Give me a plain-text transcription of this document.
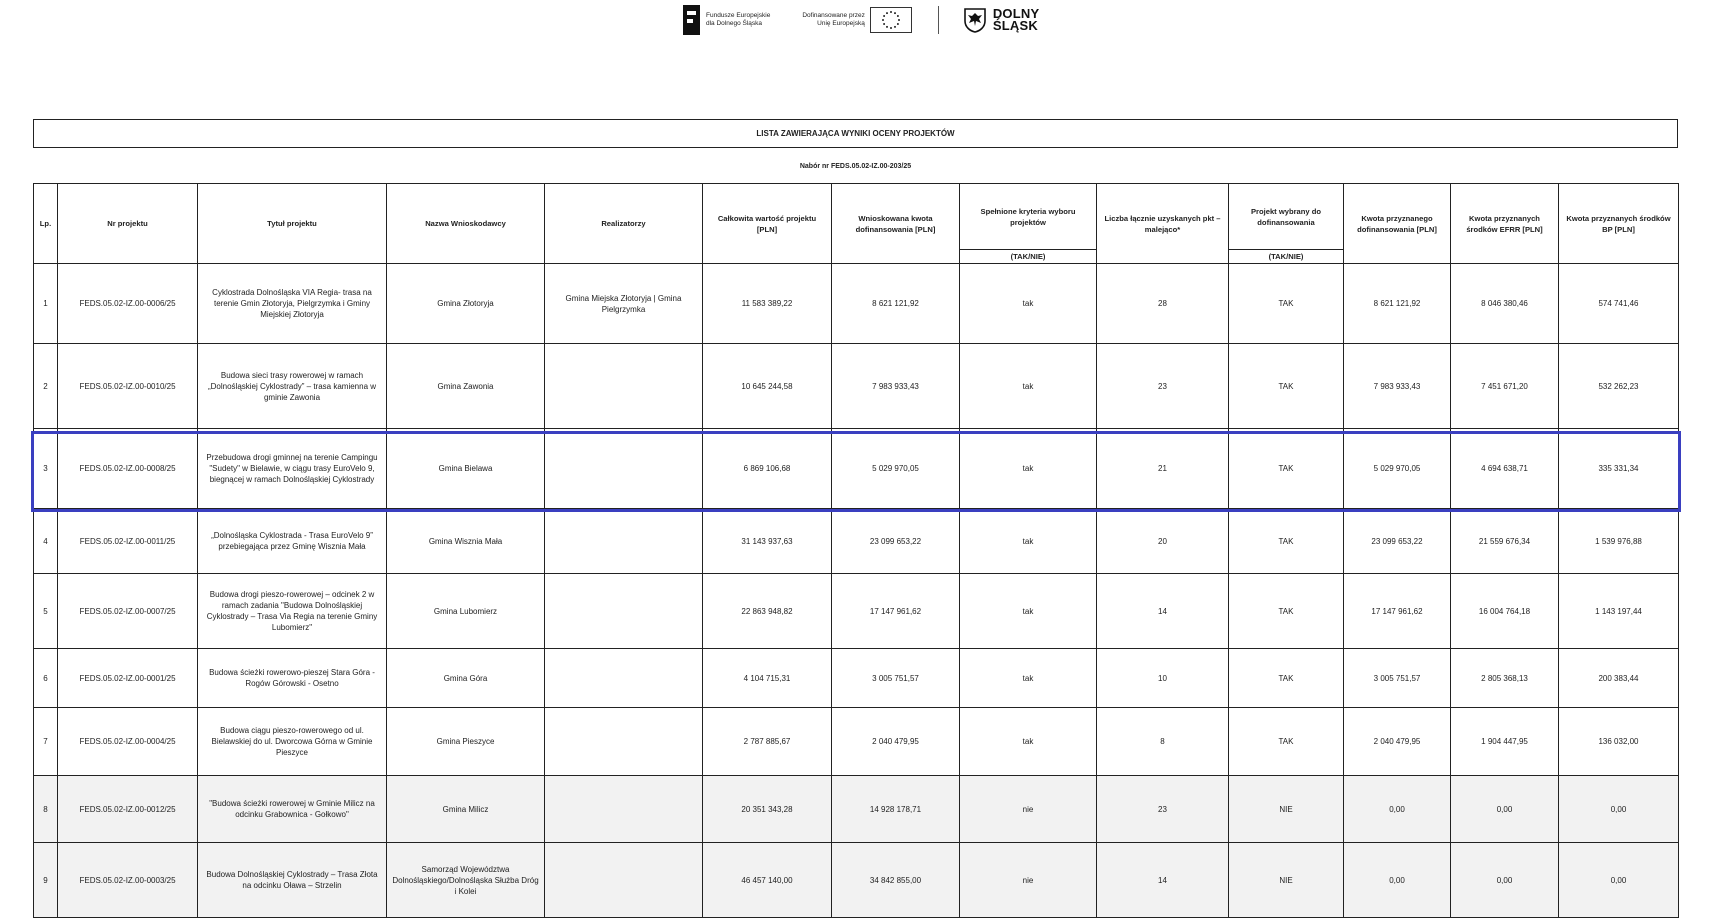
Fundusze Europejskie
dla Dolnego Śląska
Dofinansowane przez
Unię Europejską
DOLNY
ŚLĄSK
LISTA ZAWIERAJĄCA WYNIKI OCENY PROJEKTÓW
Nabór nr FEDS.05.02-IZ.00-203/25
Lp.	Nr projektu	Tytuł projektu	Nazwa Wnioskodawcy	Realizatorzy	Całkowita wartość projektu [PLN]	Wnioskowana kwota dofinansowania [PLN]	Spełnione kryteria wyboru projektów	Liczba łącznie uzyskanych pkt – malejąco*	Projekt wybrany do dofinansowania	Kwota przyznanego dofinansowania [PLN]	Kwota przyznanych środków EFRR [PLN]	Kwota przyznanych środków BP [PLN]
							(TAK/NIE)		(TAK/NIE)			
1	FEDS.05.02-IZ.00-0006/25	Cyklostrada Dolnośląska VIA Regia- trasa na terenie Gmin Złotoryja, Pielgrzymka i Gminy Miejskiej Złotoryja	Gmina Złotoryja	Gmina Miejska Złotoryja | Gmina Pielgrzymka	11 583 389,22	8 621 121,92	tak	28	TAK	8 621 121,92	8 046 380,46	574 741,46
2	FEDS.05.02-IZ.00-0010/25	Budowa sieci trasy rowerowej w ramach „Dolnośląskiej Cyklostrady” – trasa kamienna w gminie Zawonia	Gmina Zawonia		10 645 244,58	7 983 933,43	tak	23	TAK	7 983 933,43	7 451 671,20	532 262,23
3	FEDS.05.02-IZ.00-0008/25	Przebudowa drogi gminnej na terenie Campingu "Sudety" w Bielawie, w ciągu trasy EuroVelo 9, biegnącej w ramach Dolnośląskiej Cyklostrady	Gmina Bielawa		6 869 106,68	5 029 970,05	tak	21	TAK	5 029 970,05	4 694 638,71	335 331,34
4	FEDS.05.02-IZ.00-0011/25	„Dolnośląska Cyklostrada - Trasa EuroVelo 9” przebiegająca przez Gminę Wisznia Mała	Gmina Wisznia Mała		31 143 937,63	23 099 653,22	tak	20	TAK	23 099 653,22	21 559 676,34	1 539 976,88
5	FEDS.05.02-IZ.00-0007/25	Budowa drogi pieszo-rowerowej – odcinek 2 w ramach zadania "Budowa Dolnośląskiej Cyklostrady – Trasa Via Regia na terenie Gminy Lubomierz"	Gmina Lubomierz		22 863 948,82	17 147 961,62	tak	14	TAK	17 147 961,62	16 004 764,18	1 143 197,44
6	FEDS.05.02-IZ.00-0001/25	Budowa ścieżki rowerowo-pieszej Stara Góra - Rogów Górowski - Osetno	Gmina Góra		4 104 715,31	3 005 751,57	tak	10	TAK	3 005 751,57	2 805 368,13	200 383,44
7	FEDS.05.02-IZ.00-0004/25	Budowa ciągu pieszo-rowerowego od ul. Bielawskiej do ul. Dworcowa Górna w Gminie Pieszyce	Gmina Pieszyce		2 787 885,67	2 040 479,95	tak	8	TAK	2 040 479,95	1 904 447,95	136 032,00
8	FEDS.05.02-IZ.00-0012/25	"Budowa ścieżki rowerowej w Gminie Milicz na odcinku Grabownica - Gołkowo"	Gmina Milicz		20 351 343,28	14 928 178,71	nie	23	NIE	0,00	0,00	0,00
9	FEDS.05.02-IZ.00-0003/25	Budowa Dolnośląskiej Cyklostrady – Trasa Złota na odcinku Oława – Strzelin	Samorząd Województwa Dolnośląskiego/Dolnośląska Służba Dróg i Kolei		46 457 140,00	34 842 855,00	nie	14	NIE	0,00	0,00	0,00
